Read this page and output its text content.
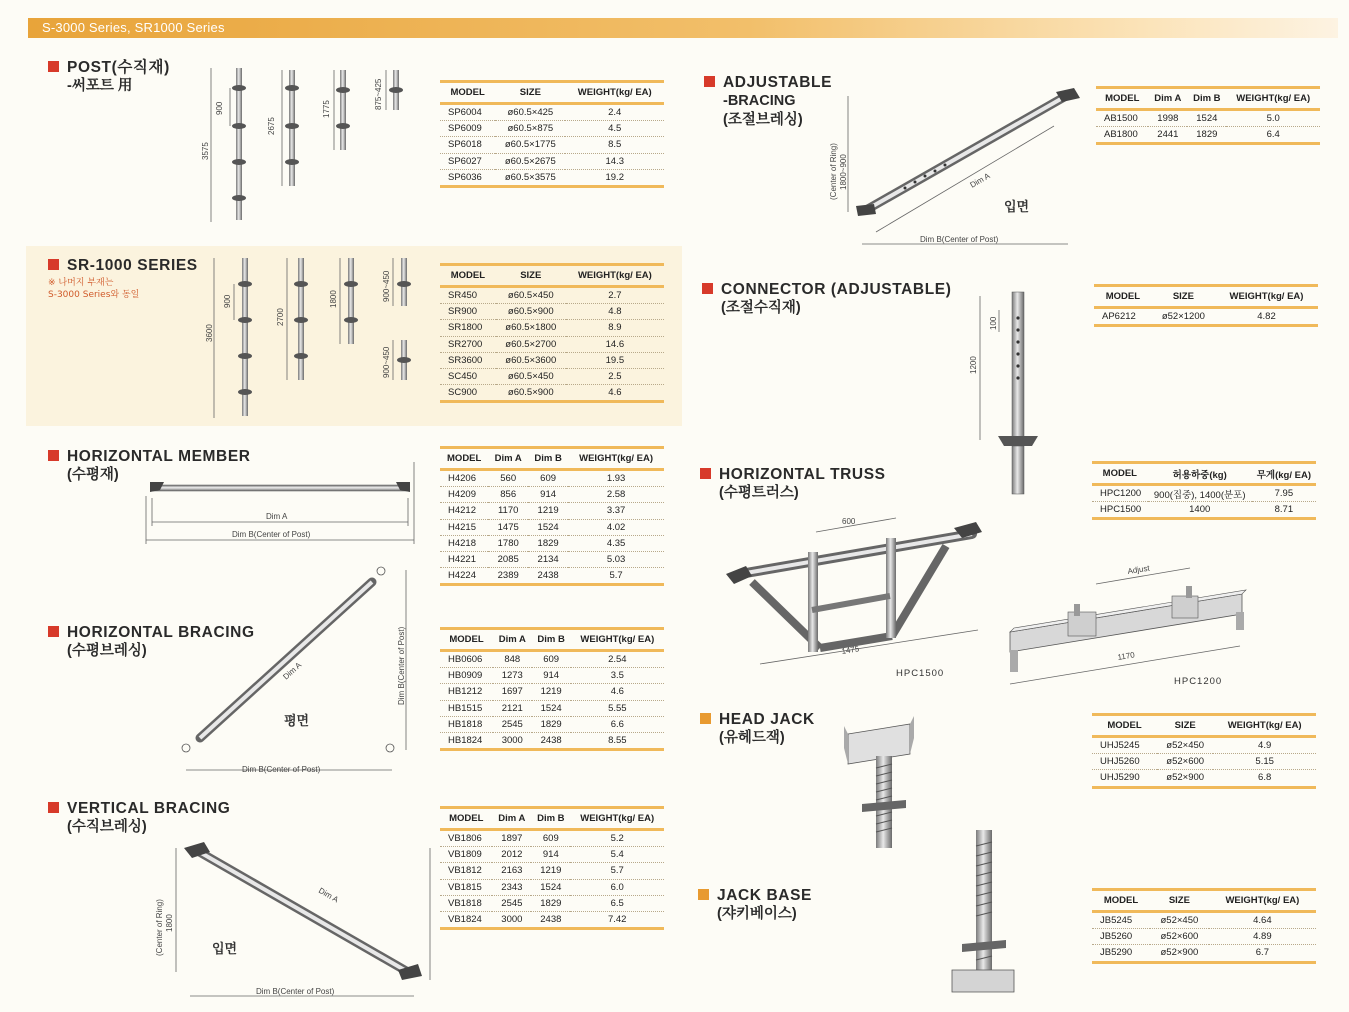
S-3000 Series, SR1000 Series
3575
900
2675
1775	875~425
3600
900
2700
1800	900~450
900~450
Dim A
Dim B(Center of Post)
Dim A
Dim B(Center of Post)
Dim B(Center of Post)
Dim A
Dim B(Center of Post)
(Center of Ring) 1800
Dim A
Dim B(Center of Post)
(Center of Ring) 1800~900
100
1200
600
1475
Adjust
1170
POST(수직재)
-써포트 用
SR-1000 SERIES
※ 나머지 부재는
S-3000 Series와 동일
HORIZONTAL MEMBER
(수평재)
HORIZONTAL BRACING
(수평브레싱)
VERTICAL BRACING
(수직브레싱)
ADJUSTABLE
-BRACING
(조절브레싱)
CONNECTOR (ADJUSTABLE)
(조절수직재)
HORIZONTAL TRUSS
(수평트러스)
HEAD JACK
(유헤드잭)
JACK BASE
(쟈키베이스)
평면
입면
입면
HPC1500
HPC1200
MODEL	SIZE	WEIGHT(kg/ EA)
SP6004	ø60.5×425	2.4
SP6009	ø60.5×875	4.5
SP6018	ø60.5×1775	8.5
SP6027	ø60.5×2675	14.3
SP6036	ø60.5×3575	19.2
MODEL	SIZE	WEIGHT(kg/ EA)
SR450	ø60.5×450	2.7
SR900	ø60.5×900	4.8
SR1800	ø60.5×1800	8.9
SR2700	ø60.5×2700	14.6
SR3600	ø60.5×3600	19.5
SC450	ø60.5×450	2.5
SC900	ø60.5×900	4.6
MODEL	Dim A	Dim B	WEIGHT(kg/ EA)
H4206	560	609	1.93
H4209	856	914	2.58
H4212	1170	1219	3.37
H4215	1475	1524	4.02
H4218	1780	1829	4.35
H4221	2085	2134	5.03
H4224	2389	2438	5.7
MODEL	Dim A	Dim B	WEIGHT(kg/ EA)
HB0606	848	609	2.54
HB0909	1273	914	3.5
HB1212	1697	1219	4.6
HB1515	2121	1524	5.55
HB1818	2545	1829	6.6
HB1824	3000	2438	8.55
MODEL	Dim A	Dim B	WEIGHT(kg/ EA)
VB1806	1897	609	5.2
VB1809	2012	914	5.4
VB1812	2163	1219	5.7
VB1815	2343	1524	6.0
VB1818	2545	1829	6.5
VB1824	3000	2438	7.42
MODEL	Dim A	Dim B	WEIGHT(kg/ EA)
AB1500	1998	1524	5.0
AB1800	2441	1829	6.4
MODEL	SIZE	WEIGHT(kg/ EA)
AP6212	ø52×1200	4.82
MODEL	허용하중(kg)	무게(kg/ EA)
HPC1200	900(집중), 1400(분포)	7.95
HPC1500	1400	8.71
MODEL	SIZE	WEIGHT(kg/ EA)
UHJ5245	ø52×450	4.9
UHJ5260	ø52×600	5.15
UHJ5290	ø52×900	6.8
MODEL	SIZE	WEIGHT(kg/ EA)
JB5245	ø52×450	4.64
JB5260	ø52×600	4.89
JB5290	ø52×900	6.7
